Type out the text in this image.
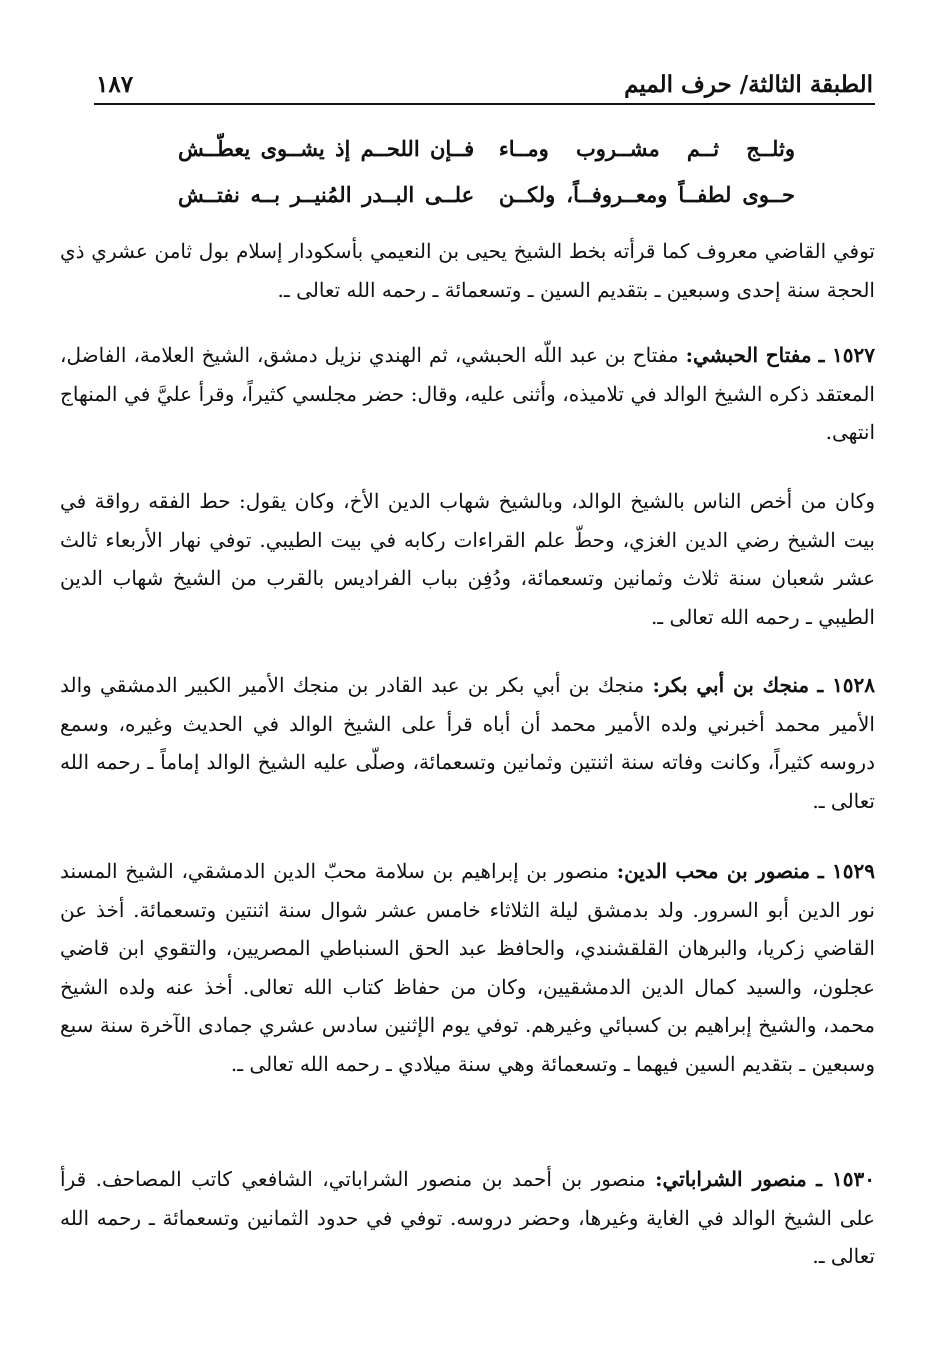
الطبقة الثالثة/ حرف الميم
١٨٧
وثلــج ثــم مشــروب ومــاء
فــإن اللحــم إذ يشــوى يعطّــش
حــوى لطفــاً ومعــروفــاً، ولكــن
علــى البــدر المُنيــر بــه نفتــش

توفي القاضي معروف كما قرأته بخط الشيخ يحيى بن النعيمي بأسكودار إسلام بول ثامن عشري ذي الحجة سنة إحدى وسبعين ـ بتقديم السين ـ وتسعمائة ـ رحمه الله تعالى ـ.

١٥٢٧ ـ مفتاح الحبشي: مفتاح بن عبد اللّه الحبشي، ثم الهندي نزيل دمشق، الشيخ العلامة، الفاضل، المعتقد ذكره الشيخ الوالد في تلاميذه، وأثنى عليه، وقال: حضر مجلسي كثيراً، وقرأ عليَّ في المنهاج انتهى.

وكان من أخص الناس بالشيخ الوالد، وبالشيخ شهاب الدين الأخ، وكان يقول: حط الفقه رواقة في بيت الشيخ رضي الدين الغزي، وحطّ علم القراءات ركابه في بيت الطيبي. توفي نهار الأربعاء ثالث عشر شعبان سنة ثلاث وثمانين وتسعمائة، ودُفِن بباب الفراديس بالقرب من الشيخ شهاب الدين الطيبي ـ رحمه الله تعالى ـ.

١٥٢٨ ـ منجك بن أبي بكر: منجك بن أبي بكر بن عبد القادر بن منجك الأمير الكبير الدمشقي والد الأمير محمد أخبرني ولده الأمير محمد أن أباه قرأ على الشيخ الوالد في الحديث وغيره، وسمع دروسه كثيراً، وكانت وفاته سنة اثنتين وثمانين وتسعمائة، وصلّى عليه الشيخ الوالد إماماً ـ رحمه الله تعالى ـ.

١٥٢٩ ـ منصور بن محب الدين: منصور بن إبراهيم بن سلامة محبّ الدين الدمشقي، الشيخ المسند نور الدين أبو السرور. ولد بدمشق ليلة الثلاثاء خامس عشر شوال سنة اثنتين وتسعمائة. أخذ عن القاضي زكريا، والبرهان القلقشندي، والحافظ عبد الحق السنباطي المصريين، والتقوي ابن قاضي عجلون، والسيد كمال الدين الدمشقيين، وكان من حفاظ كتاب الله تعالى. أخذ عنه ولده الشيخ محمد، والشيخ إبراهيم بن كسبائي وغيرهم. توفي يوم الإثنين سادس عشري جمادى الآخرة سنة سبع وسبعين ـ بتقديم السين فيهما ـ وتسعمائة وهي سنة ميلادي ـ رحمه الله تعالى ـ.

١٥٣٠ ـ منصور الشراباتي: منصور بن أحمد بن منصور الشراباتي، الشافعي كاتب المصاحف. قرأ على الشيخ الوالد في الغاية وغيرها، وحضر دروسه. توفي في حدود الثمانين وتسعمائة ـ رحمه الله تعالى ـ.
